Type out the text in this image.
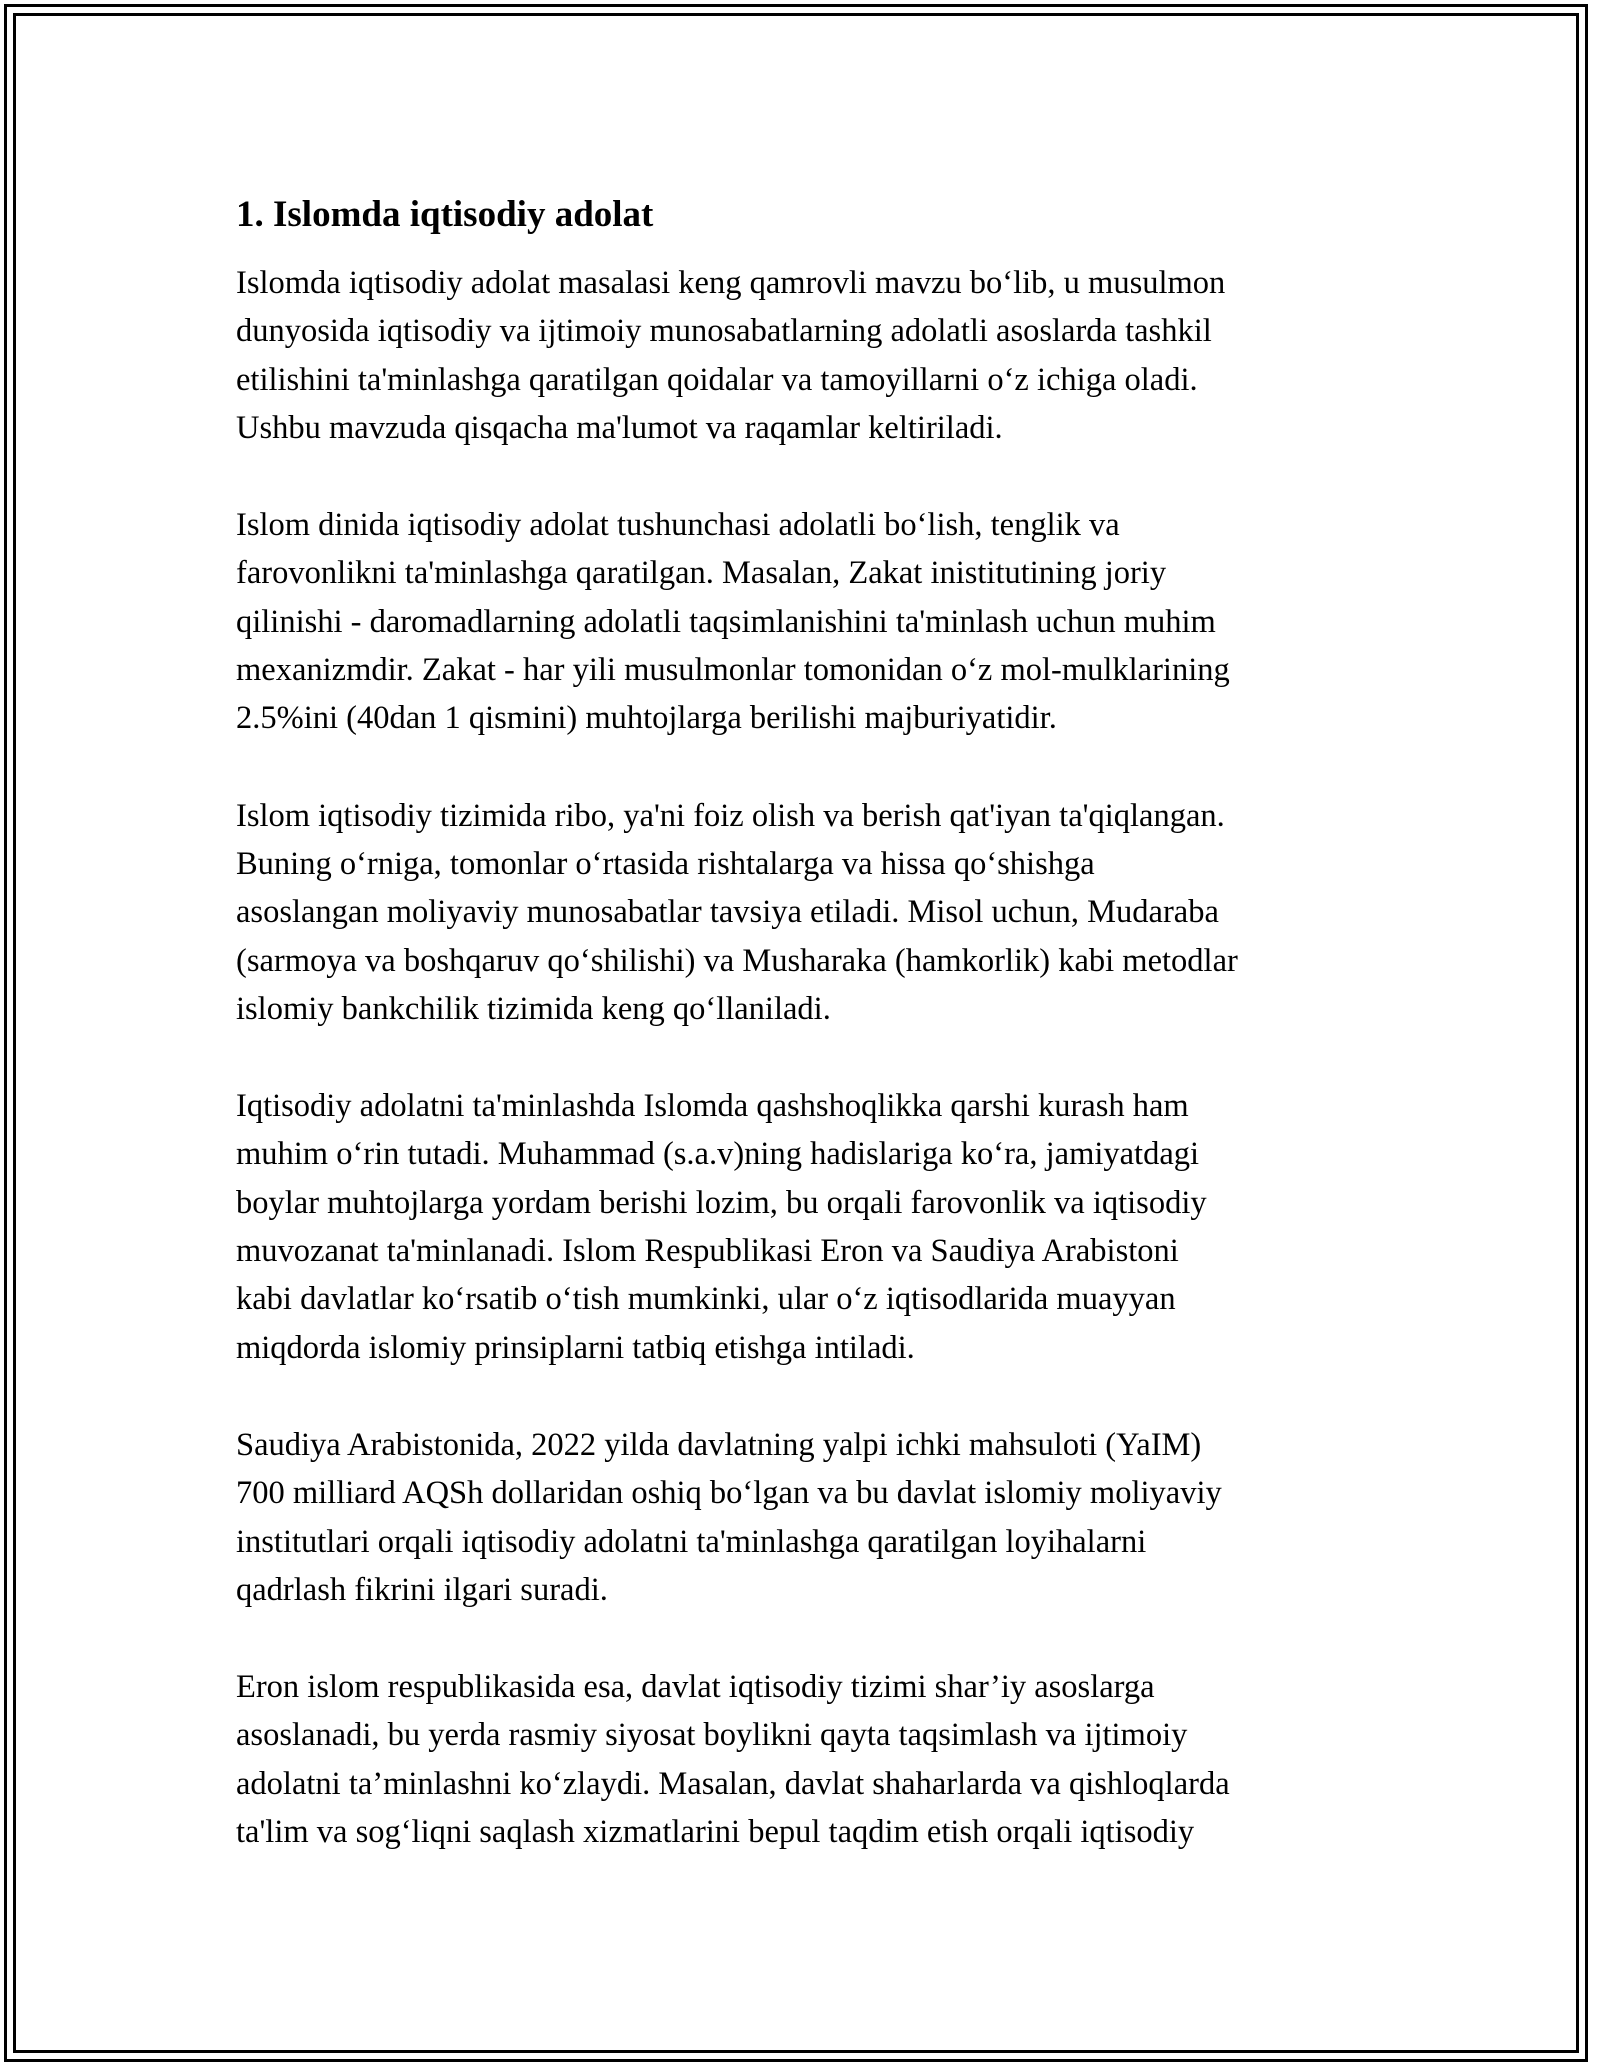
1. Islomda iqtisodiy adolat

Islomda iqtisodiy adolat masalasi keng qamrovli mavzu bo‘lib, u musulmon
dunyosida iqtisodiy va ijtimoiy munosabatlarning adolatli asoslarda tashkil
etilishini ta'minlashga qaratilgan qoidalar va tamoyillarni o‘z ichiga oladi.
Ushbu mavzuda qisqacha ma'lumot va raqamlar keltiriladi.

Islom dinida iqtisodiy adolat tushunchasi adolatli bo‘lish, tenglik va
farovonlikni ta'minlashga qaratilgan. Masalan, Zakat inistitutining joriy
qilinishi - daromadlarning adolatli taqsimlanishini ta'minlash uchun muhim
mexanizmdir. Zakat - har yili musulmonlar tomonidan o‘z mol-mulklarining
2.5%ini (40dan 1 qismini) muhtojlarga berilishi majburiyatidir.

Islom iqtisodiy tizimida ribo, ya'ni foiz olish va berish qat'iyan ta'qiqlangan.
Buning o‘rniga, tomonlar o‘rtasida rishtalarga va hissa qo‘shishga
asoslangan moliyaviy munosabatlar tavsiya etiladi. Misol uchun, Mudaraba
(sarmoya va boshqaruv qo‘shilishi) va Musharaka (hamkorlik) kabi metodlar
islomiy bankchilik tizimida keng qo‘llaniladi.

Iqtisodiy adolatni ta'minlashda Islomda qashshoqlikka qarshi kurash ham
muhim o‘rin tutadi. Muhammad (s.a.v)ning hadislariga ko‘ra, jamiyatdagi
boylar muhtojlarga yordam berishi lozim, bu orqali farovonlik va iqtisodiy
muvozanat ta'minlanadi. Islom Respublikasi Eron va Saudiya Arabistoni
kabi davlatlar ko‘rsatib o‘tish mumkinki, ular o‘z iqtisodlarida muayyan
miqdorda islomiy prinsiplarni tatbiq etishga intiladi.

Saudiya Arabistonida, 2022 yilda davlatning yalpi ichki mahsuloti (YaIM)
700 milliard AQSh dollaridan oshiq bo‘lgan va bu davlat islomiy moliyaviy
institutlari orqali iqtisodiy adolatni ta'minlashga qaratilgan loyihalarni
qadrlash fikrini ilgari suradi.

Eron islom respublikasida esa, davlat iqtisodiy tizimi shar’iy asoslarga
asoslanadi, bu yerda rasmiy siyosat boylikni qayta taqsimlash va ijtimoiy
adolatni ta’minlashni ko‘zlaydi. Masalan, davlat shaharlarda va qishloqlarda
ta'lim va sog‘liqni saqlash xizmatlarini bepul taqdim etish orqali iqtisodiy
